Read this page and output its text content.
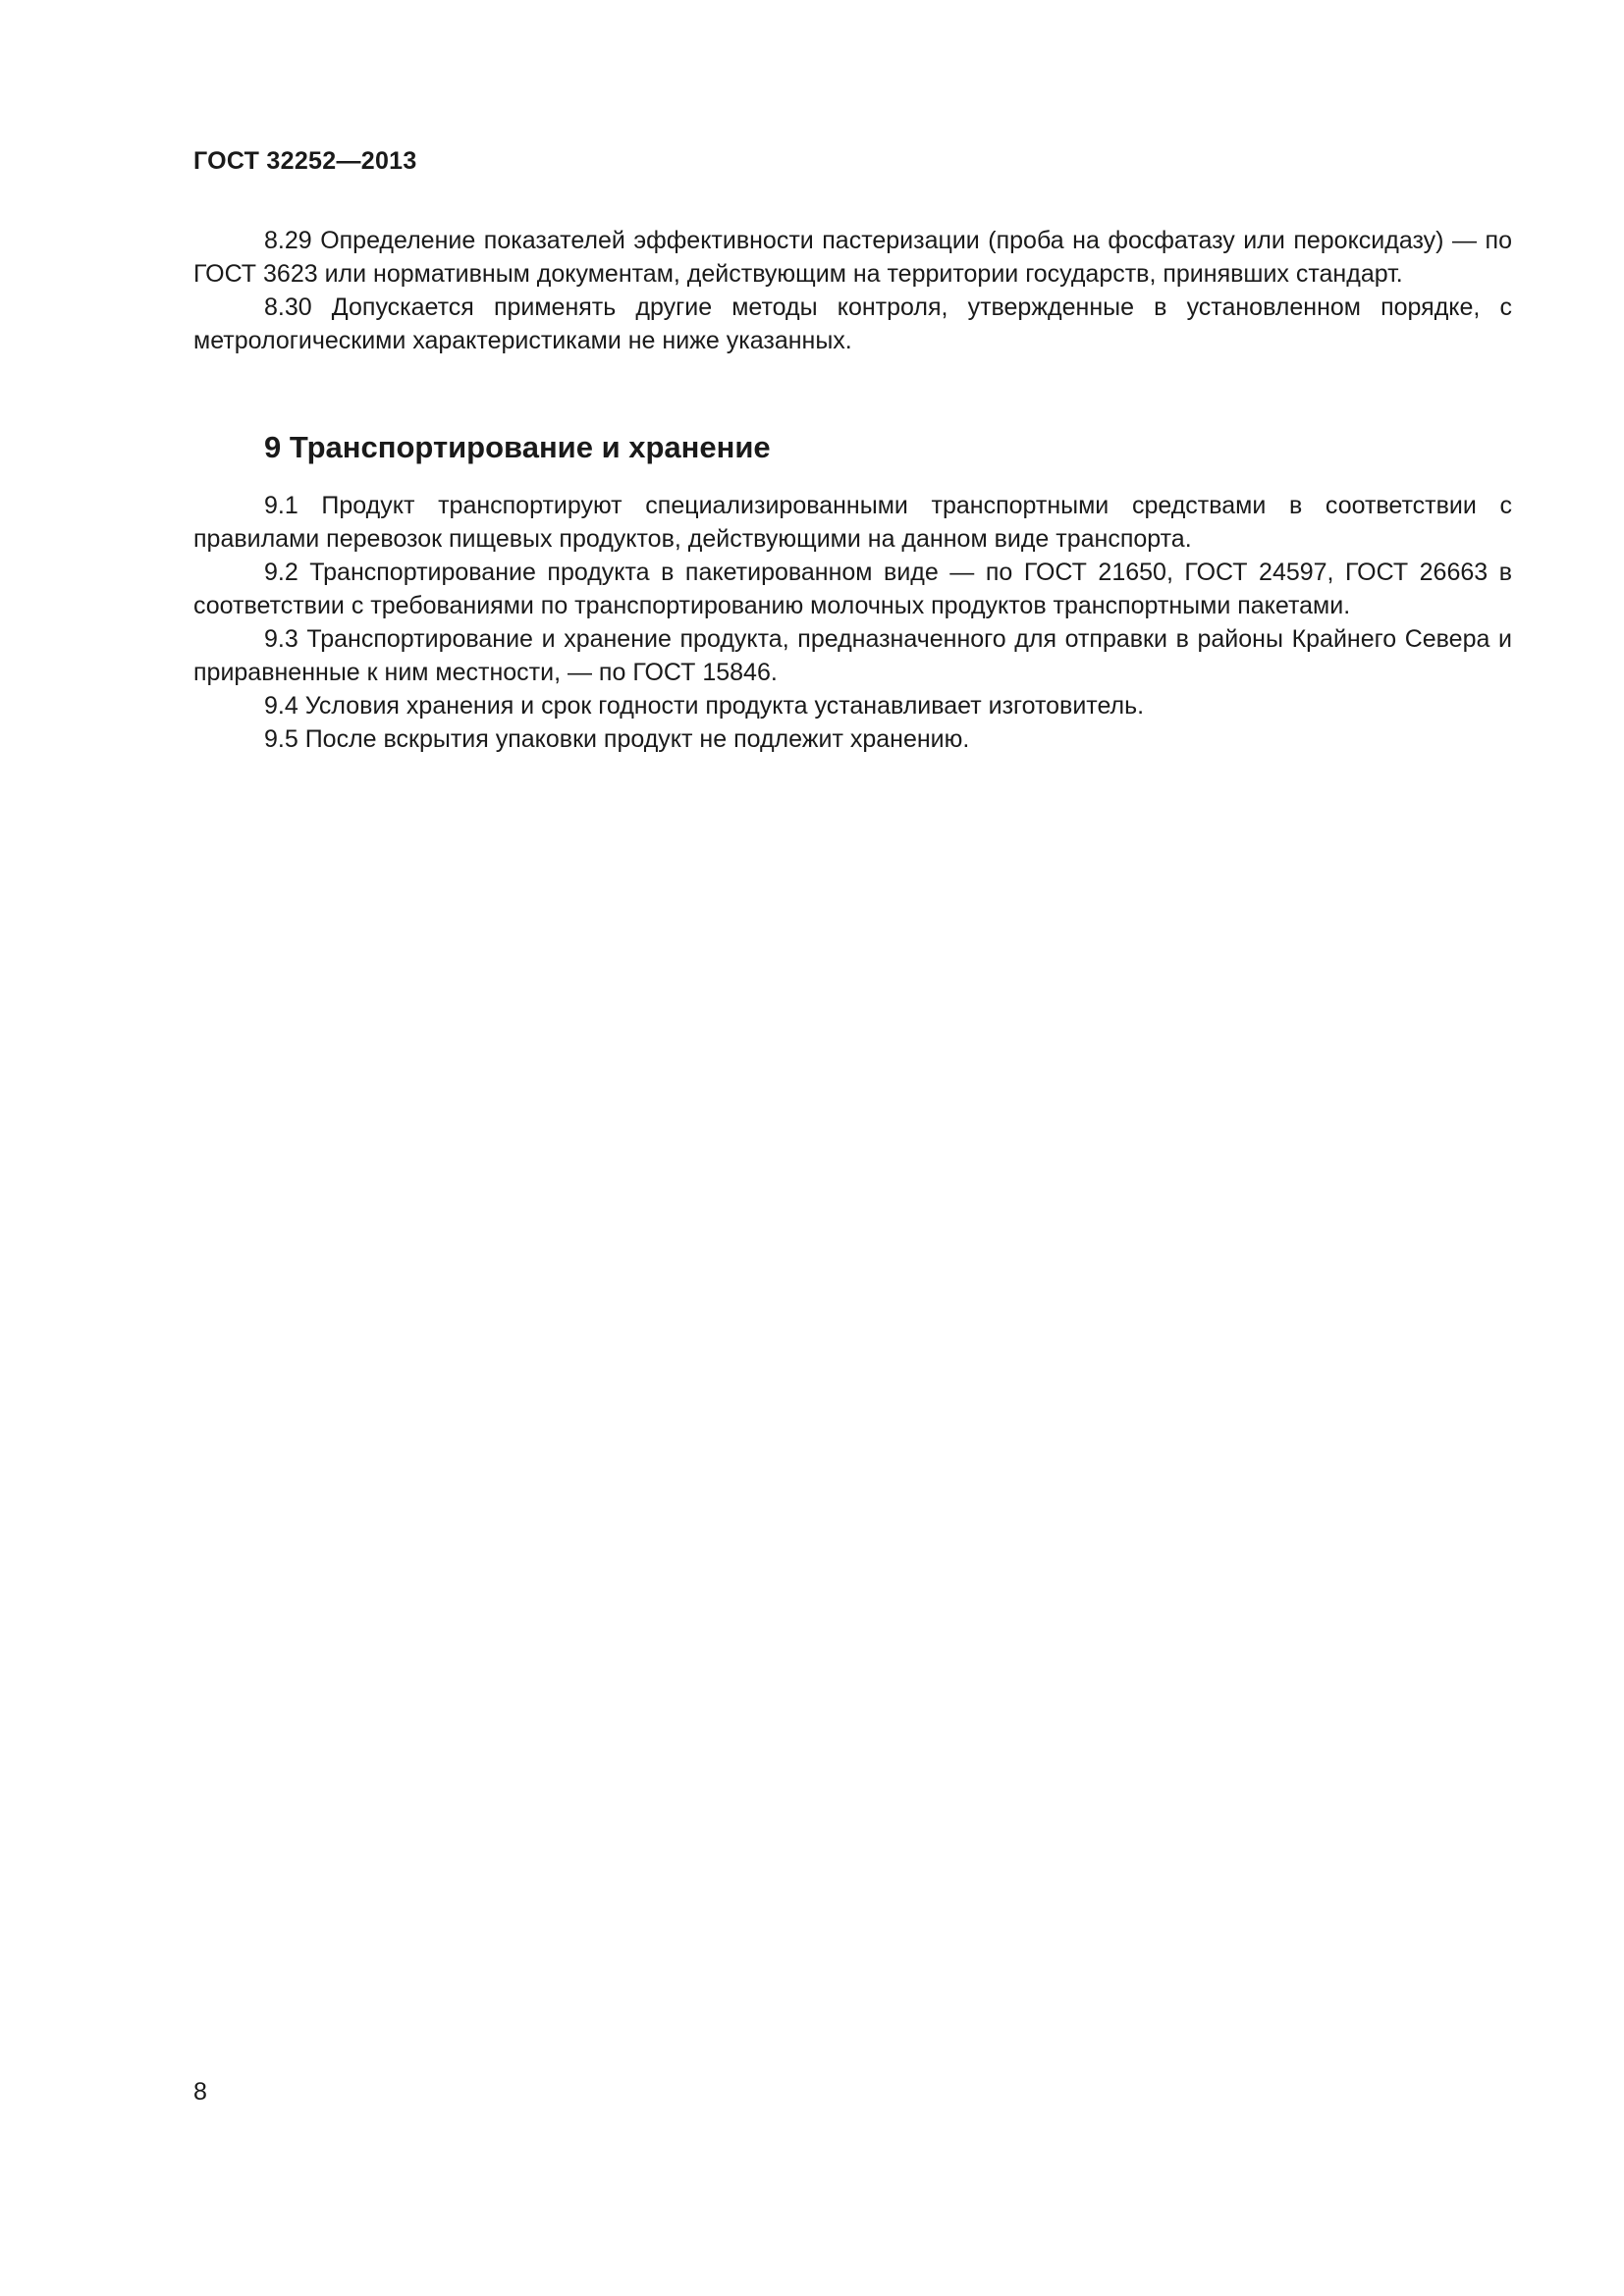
ГОСТ 32252—2013

8.29 Определение показателей эффективности пастеризации (проба на фосфатазу или пероксидазу) — по ГОСТ 3623 или нормативным документам, действующим на территории государств, принявших стандарт.

8.30 Допускается применять другие методы контроля, утвержденные в установленном порядке, с метрологическими характеристиками не ниже указанных.

9 Транспортирование и хранение

9.1 Продукт транспортируют специализированными транспортными средствами в соответствии с правилами перевозок пищевых продуктов, действующими на данном виде транспорта.

9.2 Транспортирование продукта в пакетированном виде — по ГОСТ 21650, ГОСТ 24597, ГОСТ 26663 в соответствии с требованиями по транспортированию молочных продуктов транспортными пакетами.

9.3 Транспортирование и хранение продукта, предназначенного для отправки в районы Крайнего Севера и приравненные к ним местности, — по ГОСТ 15846.

9.4 Условия хранения и срок годности продукта устанавливает изготовитель.

9.5 После вскрытия упаковки продукт не подлежит хранению.

8
